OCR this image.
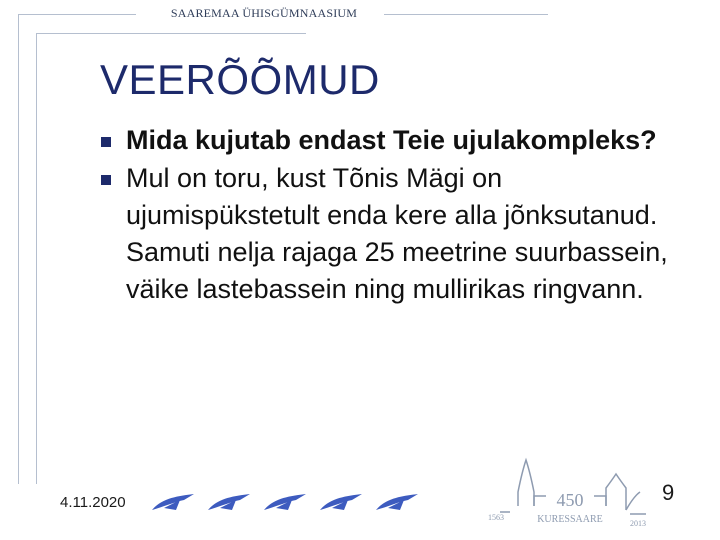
SAAREMAA ÜHISGÜMNAASIUM
VEERÕÕMUD
Mida kujutab endast Teie ujulakompleks?
Mul on toru, kust Tõnis Mägi on ujumispükstetult enda kere alla jõnksutanud. Samuti nelja rajaga 25 meetrine suurbassein, väike lastebassein ning mullirikas ringvann.
4.11.2020	450
KURESSAARE
1563
2013
9
